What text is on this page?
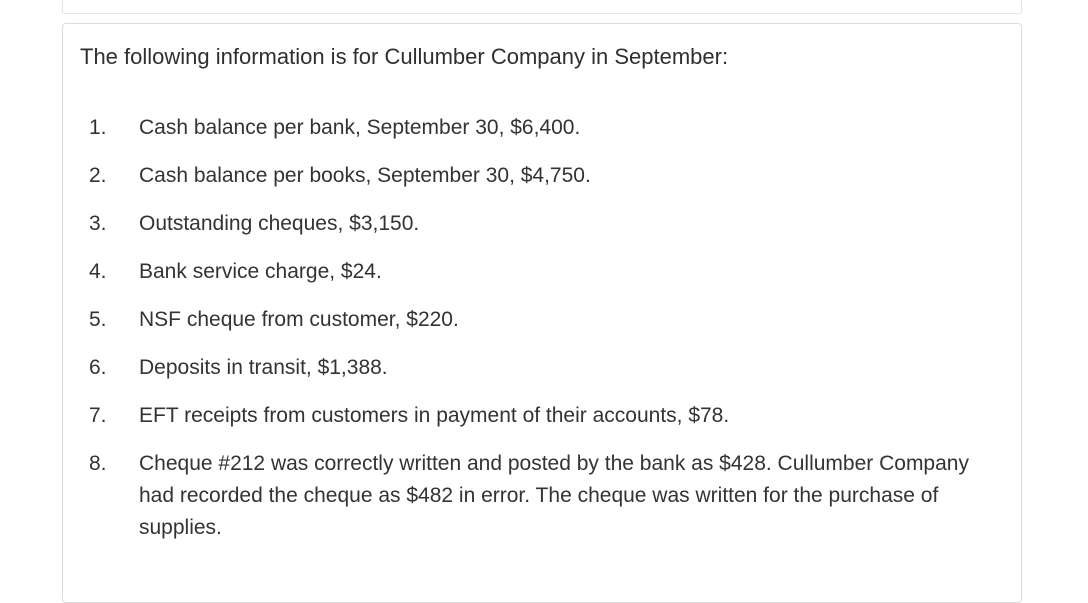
The following information is for Cullumber Company in September:
1. Cash balance per bank, September 30, $6,400.
2. Cash balance per books, September 30, $4,750.
3. Outstanding cheques, $3,150.
4. Bank service charge, $24.
5. NSF cheque from customer, $220.
6. Deposits in transit, $1,388.
7. EFT receipts from customers in payment of their accounts, $78.
8. Cheque #212 was correctly written and posted by the bank as $428. Cullumber Company had recorded the cheque as $482 in error. The cheque was written for the purchase of supplies.
